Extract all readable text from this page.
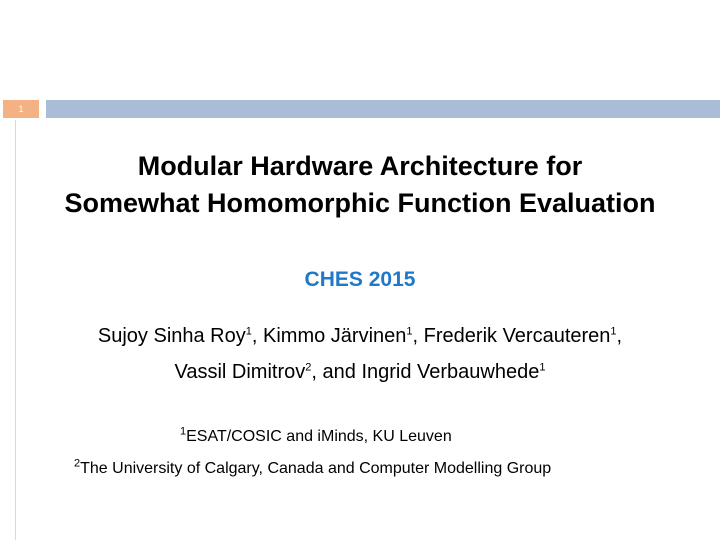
1
Modular Hardware Architecture for
Somewhat Homomorphic Function Evaluation
CHES 2015
Sujoy Sinha Roy$^1$, Kimmo Järvinen$^1$, Frederik Vercauteren$^1$,
Vassil Dimitrov$^2$, and Ingrid Verbauwhede$^1$
$^1$ESAT/COSIC and iMinds, KU Leuven
$^2$The University of Calgary, Canada and Computer Modelling Group
